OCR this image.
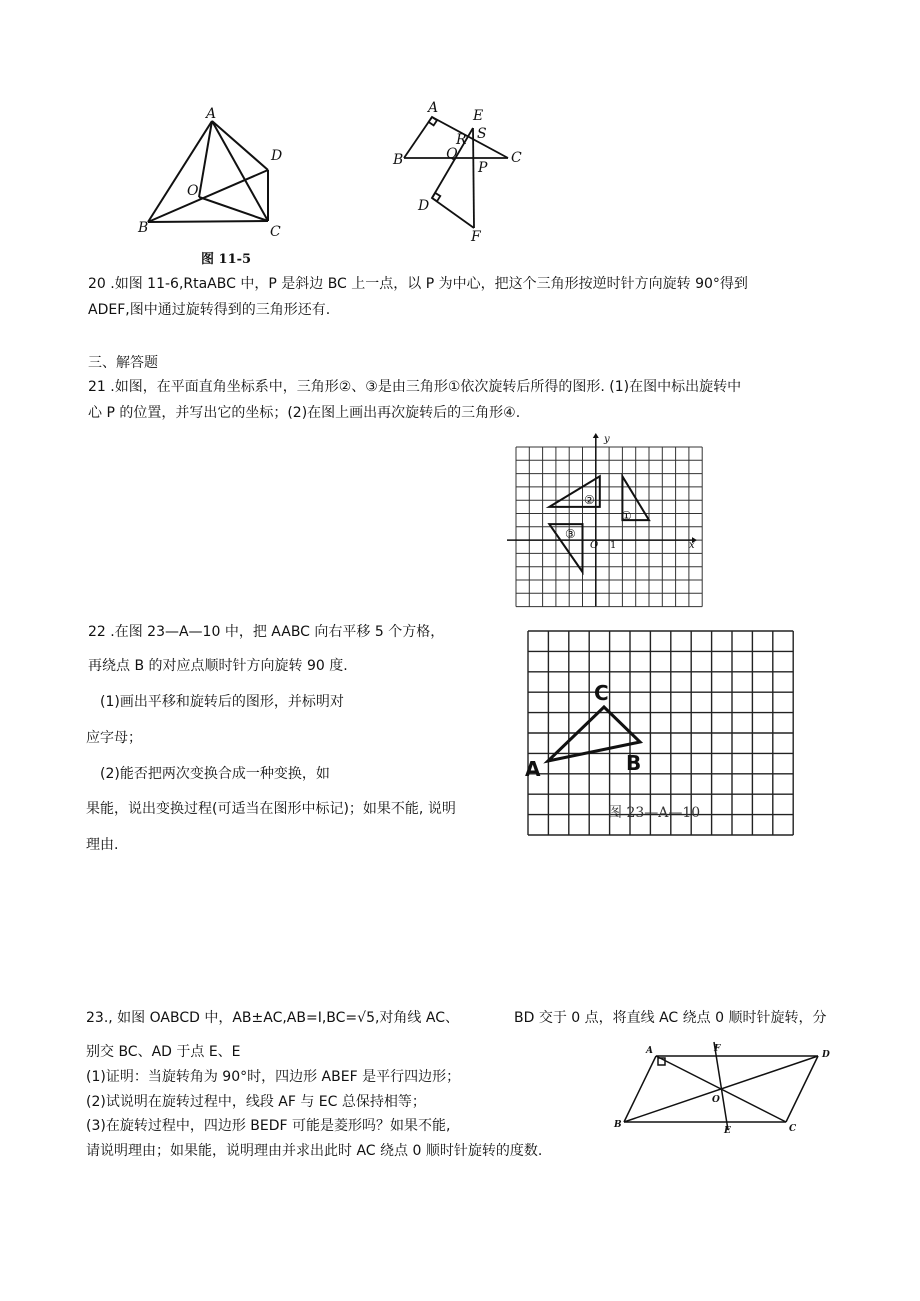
A
D
O
B	C
图 11-5
A E
R S
B	Q
P
C
D
F
20 .如图 11-6,RtaABC 中，P 是斜边 BC 上一点，以 P 为中心，把这个三角形按逆时针方向旋转 90°得到
ADEF,图中通过旋转得到的三角形还有.
三、解答题
21 .如图，在平面直角坐标系中，三角形②、③是由三角形①依次旋转后所得的图形. (1)在图中标出旋转中
心 P 的位置，并写出它的坐标；(2)在图上画出再次旋转后的三角形④.
x
y
O 1
①
②
③
22 .在图 23—A—10 中，把 AABC 向右平移 5 个方格，
再绕点 B 的对应点顺时针方向旋转 90 度.
(1)画出平移和旋转后的图形，并标明对
应字母；
(2)能否把两次变换合成一种变换，如
果能，说出变换过程(可适当在图形中标记)；如果不能, 说明
理由.
A	B
C
图 23—A—10
23., 如图 OABCD 中，AB±AC,AB=I,BC=√5,对角线 AC、	BD 交于 0 点，将直线 AC 绕点 0 顺时针旋转，分
别交 BC、AD 于点 E、E
(1)证明：当旋转角为 90°时，四边形 ABEF 是平行四边形；
(2)试说明在旋转过程中，线段 AF 与 EC 总保持相等；
(3)在旋转过程中，四边形 BEDF 可能是菱形吗？如果不能,
请说明理由；如果能，说明理由并求出此时 AC 绕点 0 顺时针旋转的度数.
A	F
D
O
B
E	C
